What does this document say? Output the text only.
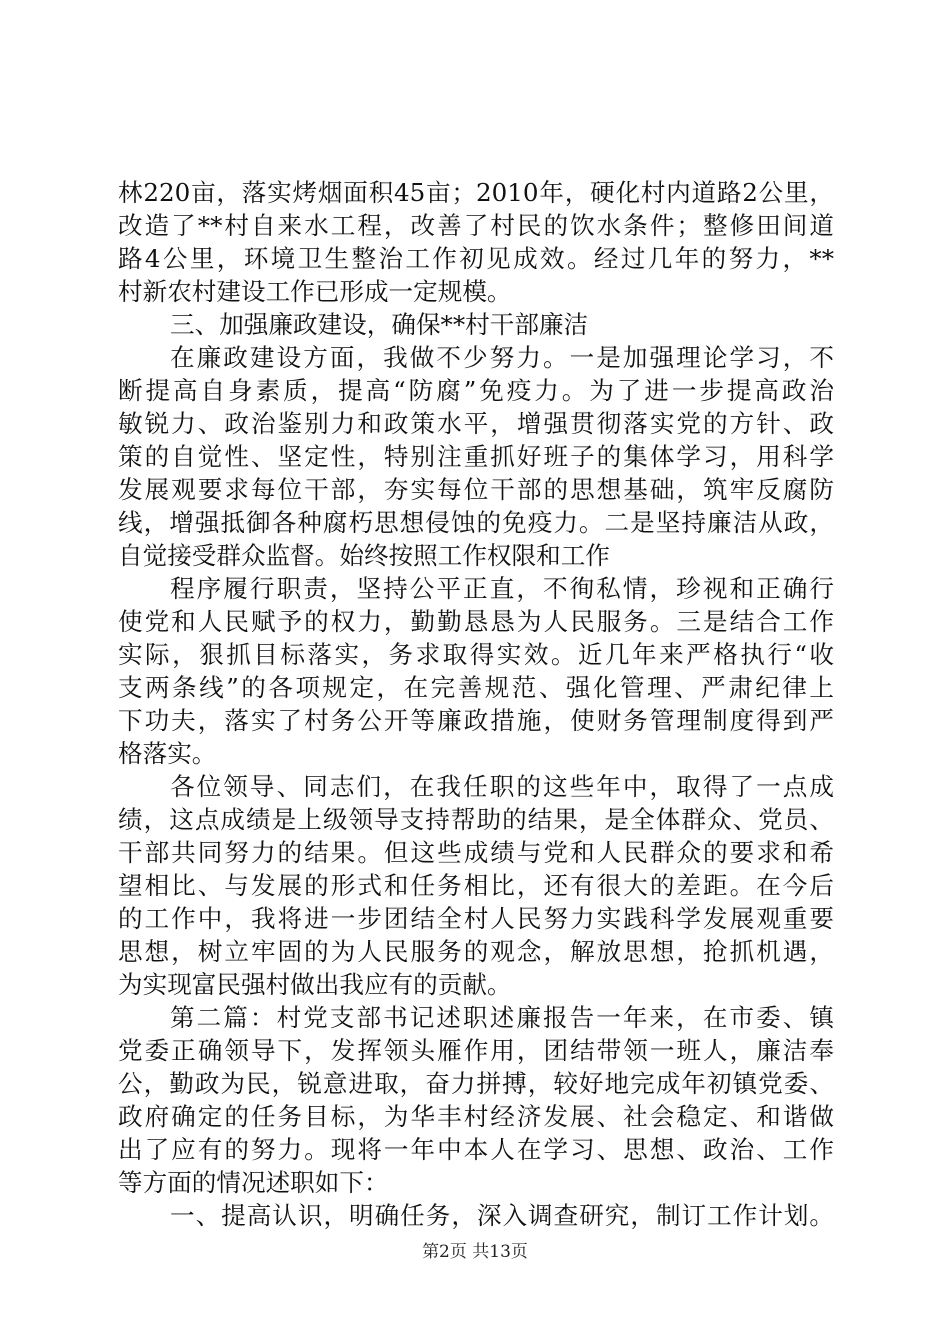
林220亩，落实烤烟面积45亩；2010年，硬化村内道路2公里，
改造了**村自来水工程，改善了村民的饮水条件；整修田间道
路4公里，环境卫生整治工作初见成效。经过几年的努力，**
村新农村建设工作已形成一定规模。
三、加强廉政建设，确保**村干部廉洁
在廉政建设方面，我做不少努力。一是加强理论学习，不
断提高自身素质，提高“防腐”免疫力。为了进一步提高政治
敏锐力、政治鉴别力和政策水平，增强贯彻落实党的方针、政
策的自觉性、坚定性，特别注重抓好班子的集体学习，用科学
发展观要求每位干部，夯实每位干部的思想基础，筑牢反腐防
线，增强抵御各种腐朽思想侵蚀的免疫力。二是坚持廉洁从政，
自觉接受群众监督。始终按照工作权限和工作
程序履行职责，坚持公平正直，不徇私情，珍视和正确行
使党和人民赋予的权力，勤勤恳恳为人民服务。三是结合工作
实际，狠抓目标落实，务求取得实效。近几年来严格执行“收
支两条线”的各项规定，在完善规范、强化管理、严肃纪律上
下功夫，落实了村务公开等廉政措施，使财务管理制度得到严
格落实。
各位领导、同志们，在我任职的这些年中，取得了一点成
绩，这点成绩是上级领导支持帮助的结果，是全体群众、党员、
干部共同努力的结果。但这些成绩与党和人民群众的要求和希
望相比、与发展的形式和任务相比，还有很大的差距。在今后
的工作中，我将进一步团结全村人民努力实践科学发展观重要
思想，树立牢固的为人民服务的观念，解放思想，抢抓机遇，
为实现富民强村做出我应有的贡献。
第二篇：村党支部书记述职述廉报告一年来，在市委、镇
党委正确领导下，发挥领头雁作用，团结带领一班人，廉洁奉
公，勤政为民，锐意进取，奋力拼搏，较好地完成年初镇党委、
政府确定的任务目标，为华丰村经济发展、社会稳定、和谐做
出了应有的努力。现将一年中本人在学习、思想、政治、工作
等方面的情况述职如下：
一、提高认识，明确任务，深入调查研究，制订工作计划。
第2页 共13页
